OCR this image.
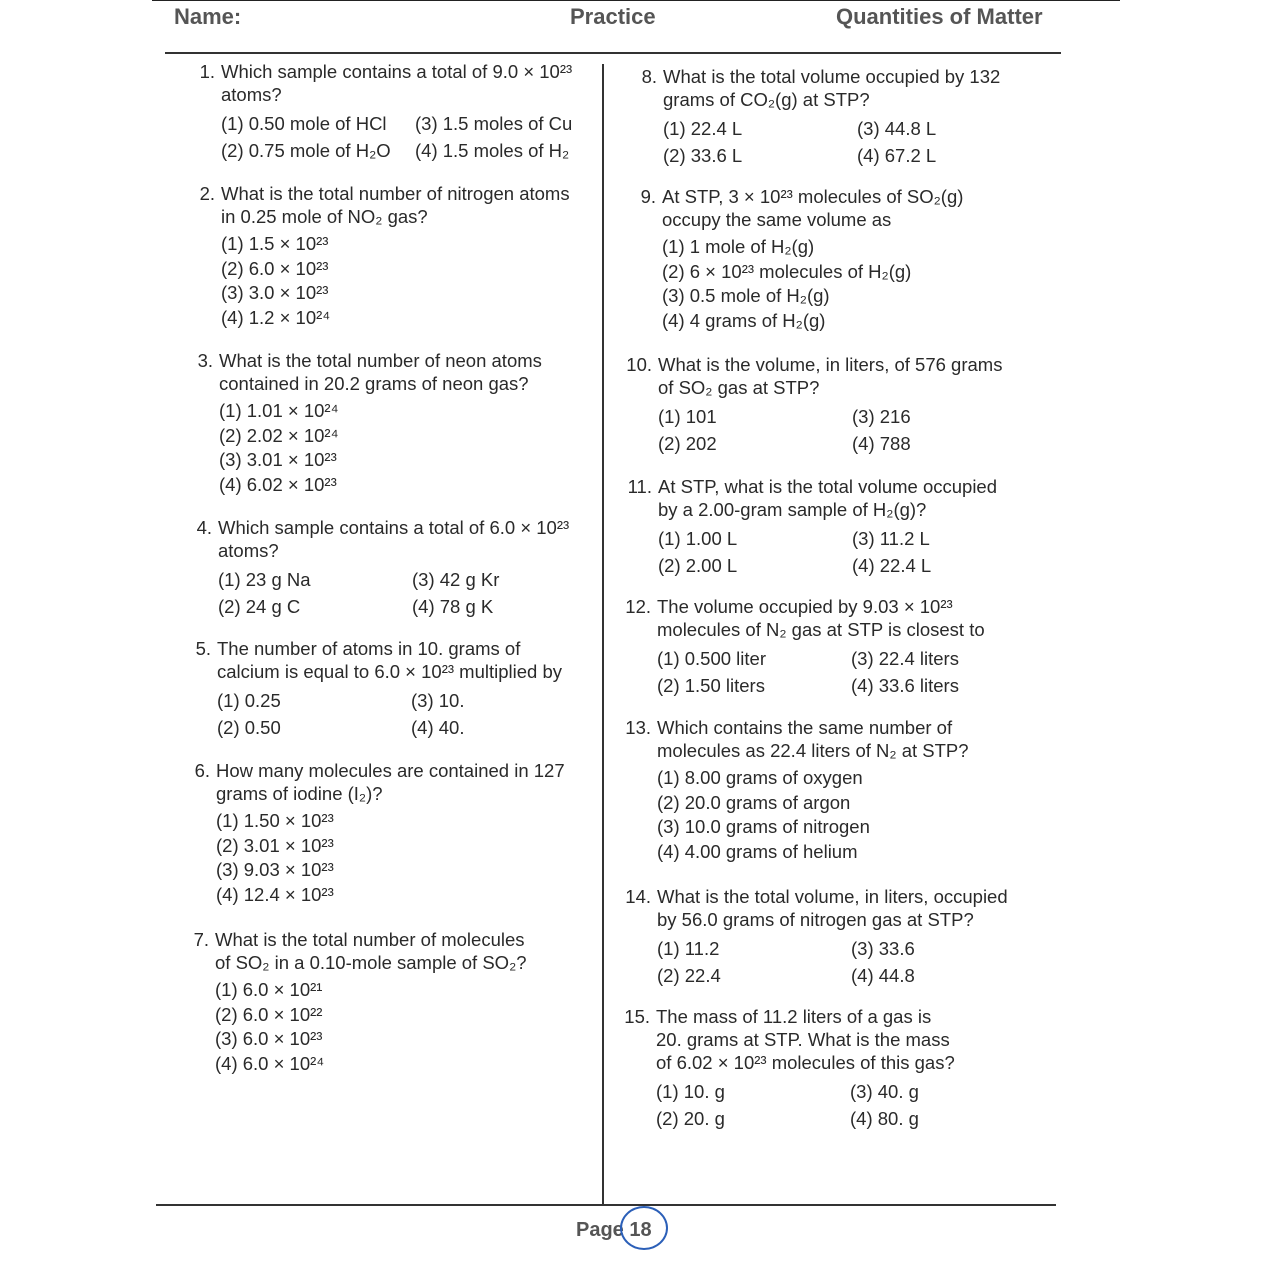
Name:	Practice	Quantities of Matter
1. Which sample contains a total of 9.0 × 10²³
atoms?
(1) 0.50 mole of HCl	(3) 1.5 moles of Cu
(2) 0.75 mole of H₂O	(4) 1.5 moles of H₂
2. What is the total number of nitrogen atoms
in 0.25 mole of NO₂ gas?
(1) 1.5 × 10²³
(2) 6.0 × 10²³
(3) 3.0 × 10²³
(4) 1.2 × 10²⁴
3. What is the total number of neon atoms
contained in 20.2 grams of neon gas?
(1) 1.01 × 10²⁴
(2) 2.02 × 10²⁴
(3) 3.01 × 10²³
(4) 6.02 × 10²³
4. Which sample contains a total of 6.0 × 10²³
atoms?
(1) 23 g Na	(3) 42 g Kr
(2) 24 g C	(4) 78 g K
5. The number of atoms in 10. grams of
calcium is equal to 6.0 × 10²³ multiplied by
(1) 0.25	(3) 10.
(2) 0.50	(4) 40.
6. How many molecules are contained in 127
grams of iodine (I₂)?
(1) 1.50 × 10²³
(2) 3.01 × 10²³
(3) 9.03 × 10²³
(4) 12.4 × 10²³
7. What is the total number of molecules
of SO₂ in a 0.10-mole sample of SO₂?
(1) 6.0 × 10²¹
(2) 6.0 × 10²²
(3) 6.0 × 10²³
(4) 6.0 × 10²⁴
8. What is the total volume occupied by 132
grams of CO₂(g) at STP?
(1) 22.4 L	(3) 44.8 L
(2) 33.6 L	(4) 67.2 L
9. At STP, 3 × 10²³ molecules of SO₂(g)
occupy the same volume as
(1) 1 mole of H₂(g)
(2) 6 × 10²³ molecules of H₂(g)
(3) 0.5 mole of H₂(g)
(4) 4 grams of H₂(g)
10. What is the volume, in liters, of 576 grams
of SO₂ gas at STP?
(1) 101	(3) 216
(2) 202	(4) 788
11. At STP, what is the total volume occupied
by a 2.00-gram sample of H₂(g)?
(1) 1.00 L	(3) 11.2 L
(2) 2.00 L	(4) 22.4 L
12. The volume occupied by 9.03 × 10²³
molecules of N₂ gas at STP is closest to
(1) 0.500 liter	(3) 22.4 liters
(2) 1.50 liters	(4) 33.6 liters
13. Which contains the same number of
molecules as 22.4 liters of N₂ at STP?
(1) 8.00 grams of oxygen
(2) 20.0 grams of argon
(3) 10.0 grams of nitrogen
(4) 4.00 grams of helium
14. What is the total volume, in liters, occupied
by 56.0 grams of nitrogen gas at STP?
(1) 11.2	(3) 33.6
(2) 22.4	(4) 44.8
15. The mass of 11.2 liters of a gas is
20. grams at STP. What is the mass
of 6.02 × 10²³ molecules of this gas?
(1) 10. g	(3) 40. g
(2) 20. g	(4) 80. g
Page 18
